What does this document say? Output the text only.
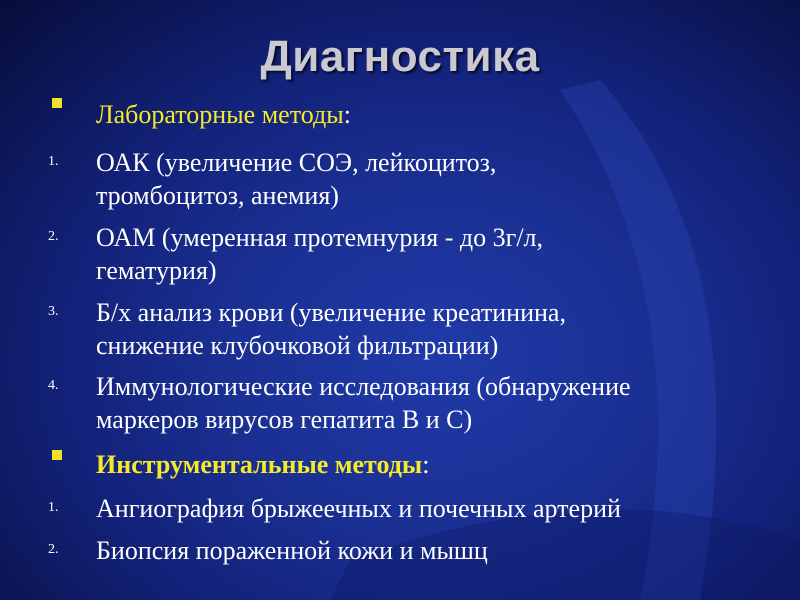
Диагностика
Лабораторные методы:
1. ОАК (увеличение СОЭ, лейкоцитоз,
тромбоцитоз, анемия)
2. ОАМ (умеренная протемнурия - до 3г/л,
гематурия)
3. Б/х анализ крови (увеличение креатинина,
снижение клубочковой фильтрации)
4. Иммунологические исследования (обнаружение
маркеров вирусов гепатита В и С)
Инструментальные методы:
1. Ангиография брыжеечных и почечных артерий
2. Биопсия пораженной кожи и мышц
